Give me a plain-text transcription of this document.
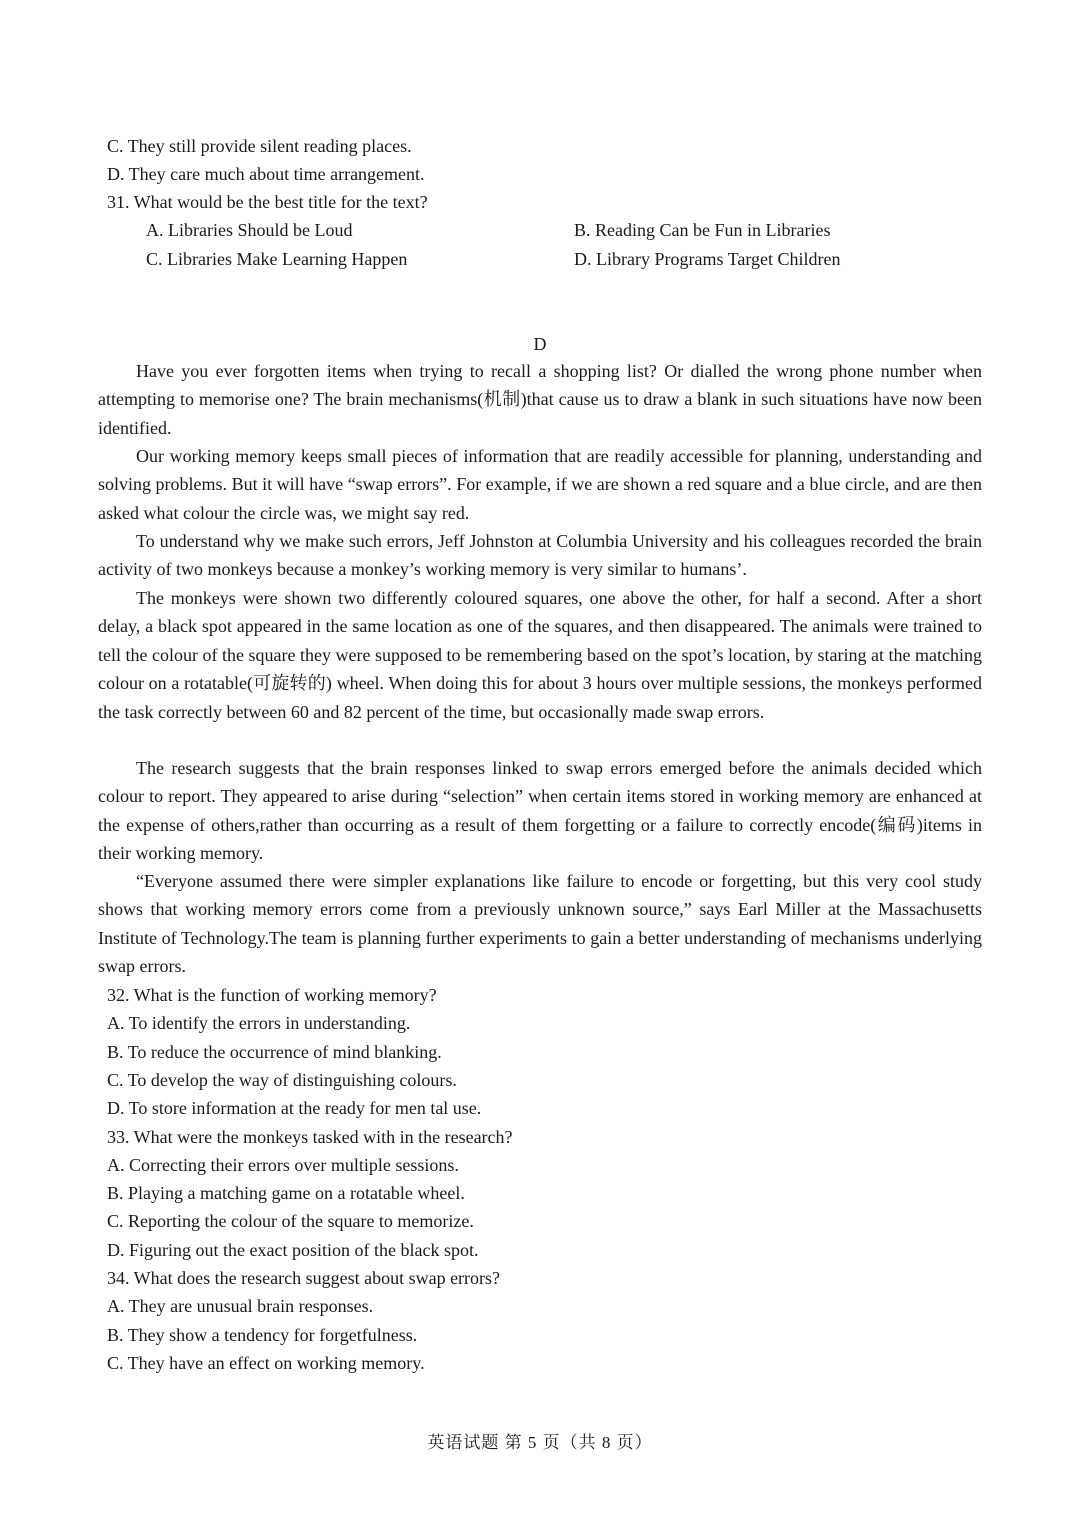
C. They still provide silent reading places.
D. They care much about time arrangement.
31. What would be the best title for the text?
A. Libraries Should be Loud	B. Reading Can be Fun in Libraries
C. Libraries Make Learning Happen	D. Library Programs Target Children
D
Have you ever forgotten items when trying to recall a shopping list? Or dialled the wrong phone number when attempting to memorise one? The brain mechanisms(机制)that cause us to draw a blank in such situations have now been identified.
Our working memory keeps small pieces of information that are readily accessible for planning, understanding and solving problems. But it will have “swap errors”. For example, if we are shown a red square and a blue circle, and are then asked what colour the circle was, we might say red.
To understand why we make such errors, Jeff Johnston at Columbia University and his colleagues recorded the brain activity of two monkeys because a monkey’s working memory is very similar to humans’.
The monkeys were shown two differently coloured squares, one above the other, for half a second. After a short delay, a black spot appeared in the same location as one of the squares, and then disappeared. The animals were trained to tell the colour of the square they were supposed to be remembering based on the spot’s location, by staring at the matching colour on a rotatable(可旋转的) wheel. When doing this for about 3 hours over multiple sessions, the monkeys performed the task correctly between 60 and 82 percent of the time, but occasionally made swap errors.
The research suggests that the brain responses linked to swap errors emerged before the animals decided which colour to report. They appeared to arise during “selection” when certain items stored in working memory are enhanced at the expense of others,rather than occurring as a result of them forgetting or a failure to correctly encode(编码)items in their working memory.
“Everyone assumed there were simpler explanations like failure to encode or forgetting, but this very cool study shows that working memory errors come from a previously unknown source,” says Earl Miller at the Massachusetts Institute of Technology.The team is planning further experiments to gain a better understanding of mechanisms underlying swap errors.
32. What is the function of working memory?
A. To identify the errors in understanding.
B. To reduce the occurrence of mind blanking.
C. To develop the way of distinguishing colours.
D. To store information at the ready for men tal use.
33. What were the monkeys tasked with in the research?
A. Correcting their errors over multiple sessions.
B. Playing a matching game on a rotatable wheel.
C. Reporting the colour of the square to memorize.
D. Figuring out the exact position of the black spot.
34. What does the research suggest about swap errors?
A. They are unusual brain responses.
B. They show a tendency for forgetfulness.
C. They have an effect on working memory.
英语试题 第 5 页（共 8 页）
